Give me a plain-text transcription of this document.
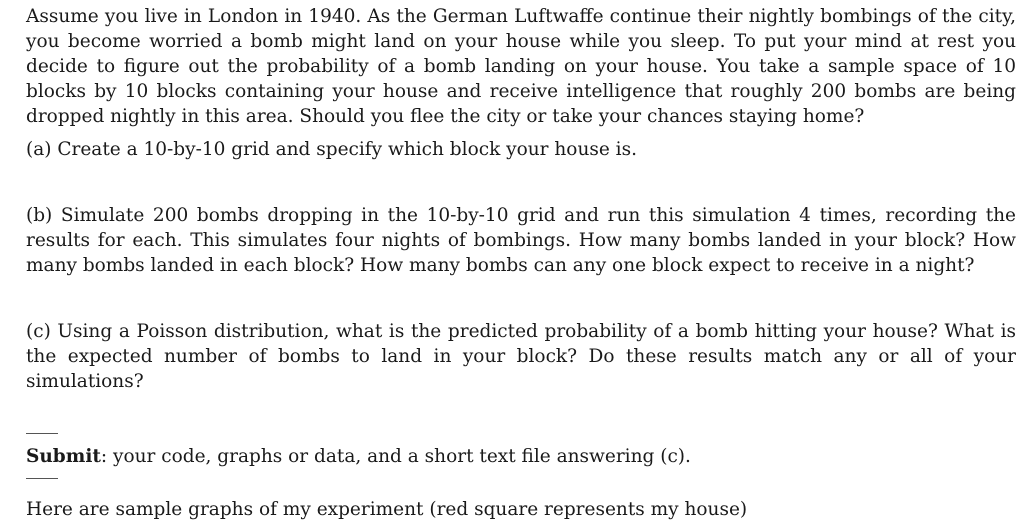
Assume you live in London in 1940. As the German Luftwaffe continue their nightly bombings of the city, you become worried a bomb might land on your house while you sleep. To put your mind at rest you decide to figure out the probability of a bomb landing on your house. You take a sample space of 10 blocks by 10 blocks containing your house and receive intelligence that roughly 200 bombs are being dropped nightly in this area. Should you flee the city or take your chances staying home?

(a) Create a 10-by-10 grid and specify which block your house is.

(b) Simulate 200 bombs dropping in the 10-by-10 grid and run this simulation 4 times, recording the results for each. This simulates four nights of bombings. How many bombs landed in your block? How many bombs landed in each block? How many bombs can any one block expect to receive in a night?

(c) Using a Poisson distribution, what is the predicted probability of a bomb hitting your house? What is the expected number of bombs to land in your block? Do these results match any or all of your simulations?

Submit: your code, graphs or data, and a short text file answering (c).

Here are sample graphs of my experiment (red square represents my house)
